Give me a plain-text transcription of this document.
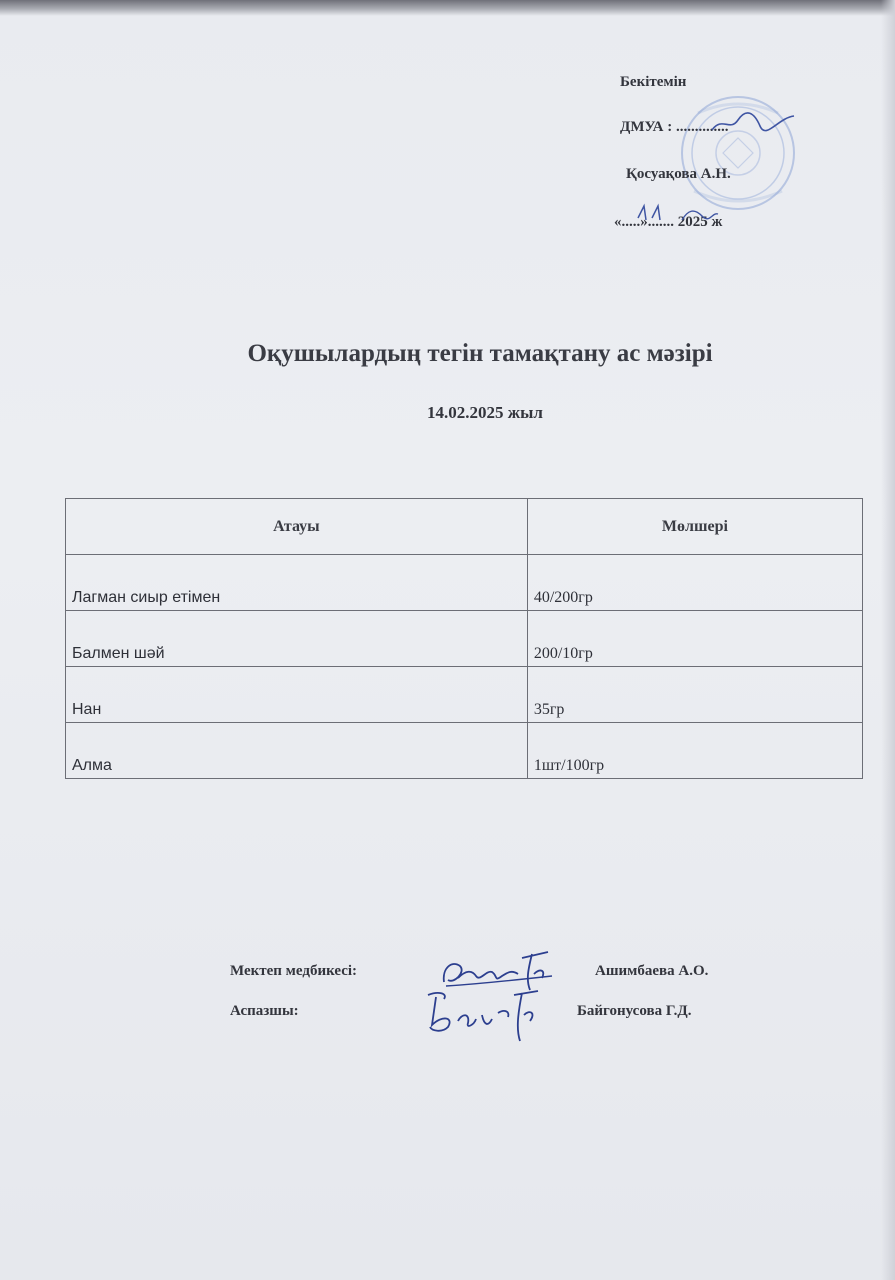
Бекітемін
ДМУА : ..............
Қосуақова А.Н.
«.....»....... 2025 ж
Оқушылардың тегін тамақтану ас мәзірі
14.02.2025 жыл
Атауы	Мөлшері
Лагман сиыр етімен	40/200гр
Балмен шәй	200/10гр
Нан	35гр
Алма	1шт/100гр
Мектеп медбикесі:	Ашимбаева А.О.
Аспазшы:	Байгонусова Г.Д.
